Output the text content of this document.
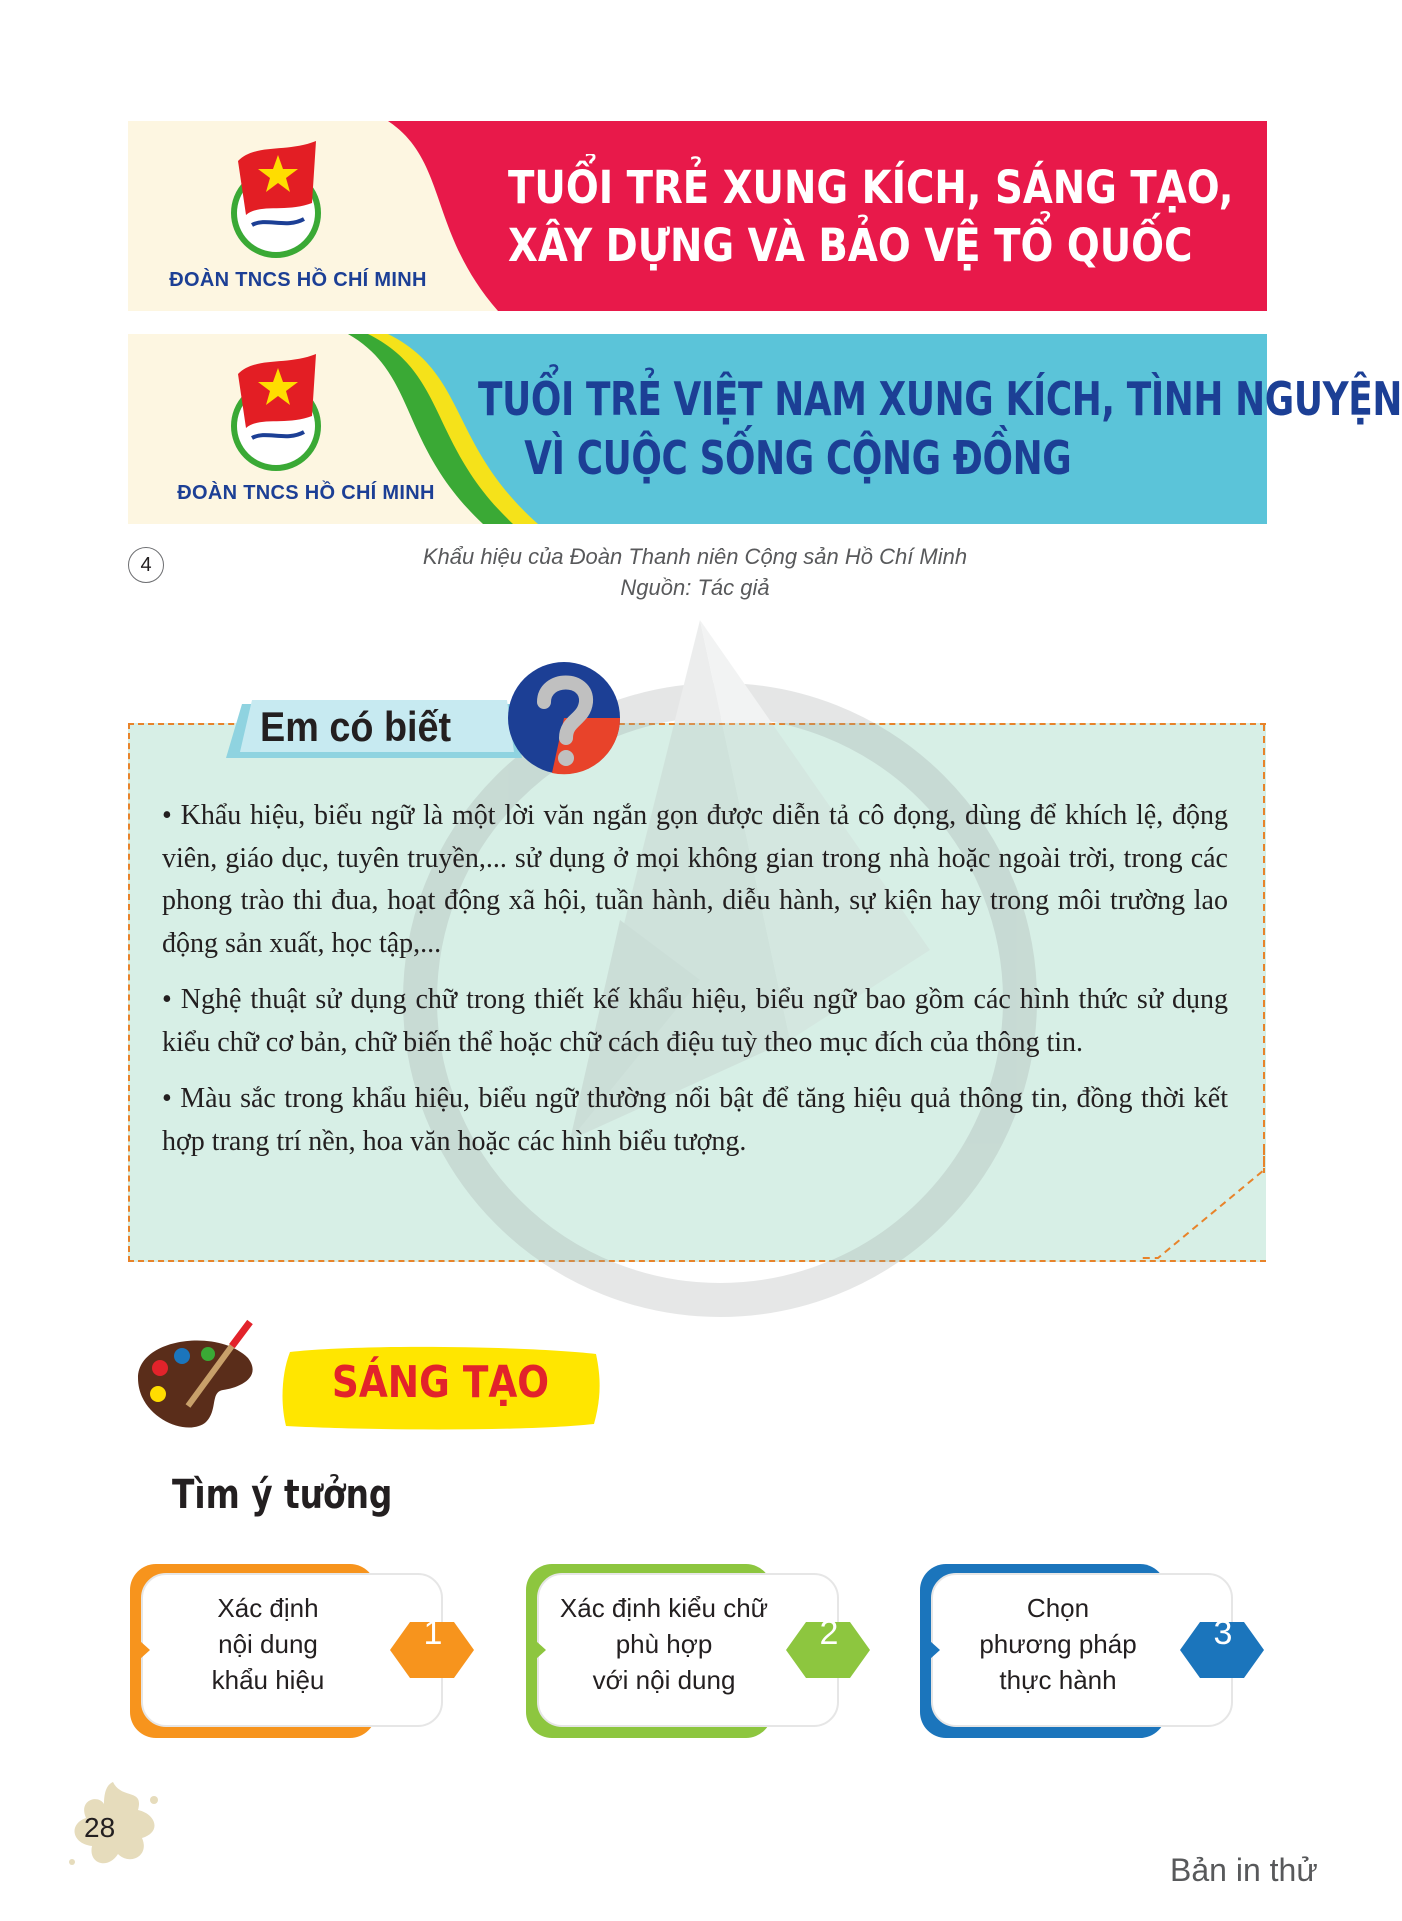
ĐOÀN TNCS HỒ CHÍ MINH
TUỔI TRẺ XUNG KÍCH, SÁNG TẠO,
XÂY DỰNG VÀ BẢO VỆ TỔ QUỐC
ĐOÀN TNCS HỒ CHÍ MINH
TUỔI TRẺ VIỆT NAM XUNG KÍCH, TÌNH NGUYỆN
VÌ CUỘC SỐNG CỘNG ĐỒNG
4	Khẩu hiệu của Đoàn Thanh niên Cộng sản Hồ Chí Minh
Nguồn: Tác giả
Em có biết

• Khẩu hiệu, biểu ngữ là một lời văn ngắn gọn được diễn tả cô đọng, dùng để khích lệ, động viên, giáo dục, tuyên truyền,... sử dụng ở mọi không gian trong nhà hoặc ngoài trời, trong các phong trào thi đua, hoạt động xã hội, tuần hành, diễu hành, sự kiện hay trong môi trường lao động sản xuất, học tập,...

• Nghệ thuật sử dụng chữ trong thiết kế khẩu hiệu, biểu ngữ bao gồm các hình thức sử dụng kiểu chữ cơ bản, chữ biến thể hoặc chữ cách điệu tuỳ theo mục đích của thông tin.

• Màu sắc trong khẩu hiệu, biểu ngữ thường nổi bật để tăng hiệu quả thông tin, đồng thời kết hợp trang trí nền, hoa văn hoặc các hình biểu tượng.

SÁNG TẠO
Tìm ý tưởng
Xác định
nội dung
khẩu hiệu
1
Xác định kiểu chữ
phù hợp
với nội dung
2
Chọn
phương pháp
thực hành
3
28
Bản in thử
